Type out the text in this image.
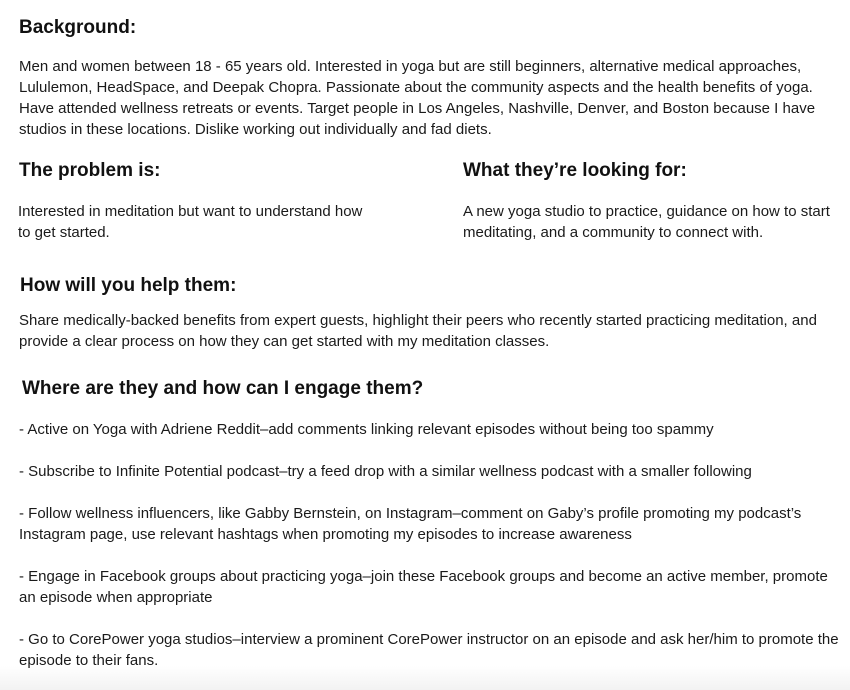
Background:

Men and women between 18 - 65 years old. Interested in yoga but are still beginners, alternative medical approaches, Lululemon, HeadSpace, and Deepak Chopra. Passionate about the community aspects and the health benefits of yoga. Have attended wellness retreats or events. Target people in Los Angeles, Nashville, Denver, and Boston because I have studios in these locations. Dislike working out individually and fad diets.

The problem is:

Interested in meditation but want to understand how to get started.

What they’re looking for:

A new yoga studio to practice, guidance on how to start meditating, and a community to connect with.

How will you help them:

Share medically-backed benefits from expert guests, highlight their peers who recently started practicing meditation, and provide a clear process on how they can get started with my meditation classes.

Where are they and how can I engage them?
- Active on Yoga with Adriene Reddit–add comments linking relevant episodes without being too spammy
- Subscribe to Infinite Potential podcast–try a feed drop with a similar wellness podcast with a smaller following
- Follow wellness influencers, like Gabby Bernstein, on Instagram–comment on Gaby’s profile promoting my podcast’s Instagram page, use relevant hashtags when promoting my episodes to increase awareness
- Engage in Facebook groups about practicing yoga–join these Facebook groups and become an active member, promote an episode when appropriate
- Go to CorePower yoga studios–interview a prominent CorePower instructor on an episode and ask her/him to promote the episode to their fans.
